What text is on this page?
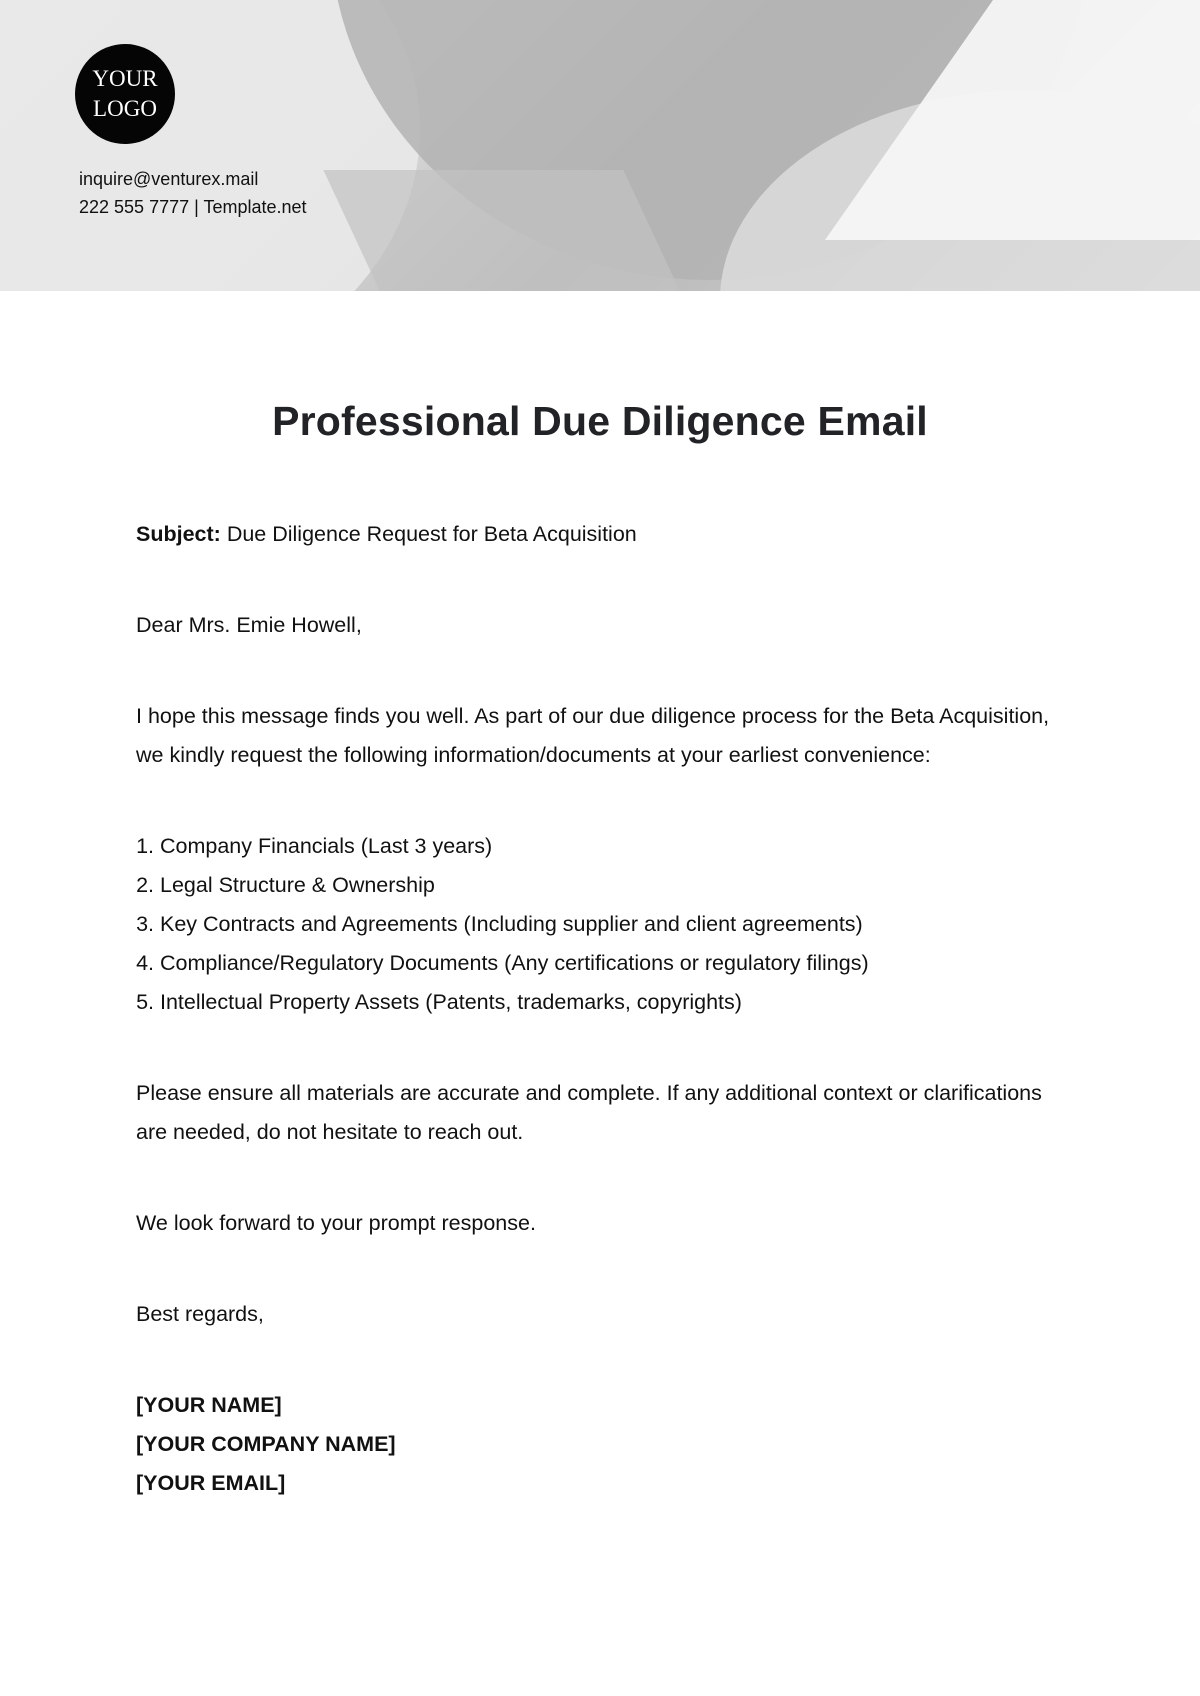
YOUR
LOGO
inquire@venturex.mail
222 555 7777 | Template.net
Professional Due Diligence Email

Subject: Due Diligence Request for Beta Acquisition

Dear Mrs. Emie Howell,

I hope this message finds you well. As part of our due diligence process for the Beta Acquisition, we kindly request the following information/documents at your earliest convenience:

1. Company Financials (Last 3 years)
2. Legal Structure & Ownership
3. Key Contracts and Agreements (Including supplier and client agreements)
4. Compliance/Regulatory Documents (Any certifications or regulatory filings)
5. Intellectual Property Assets (Patents, trademarks, copyrights)

Please ensure all materials are accurate and complete. If any additional context or clarifications are needed, do not hesitate to reach out.

We look forward to your prompt response.

Best regards,

[YOUR NAME]
[YOUR COMPANY NAME]
[YOUR EMAIL]
